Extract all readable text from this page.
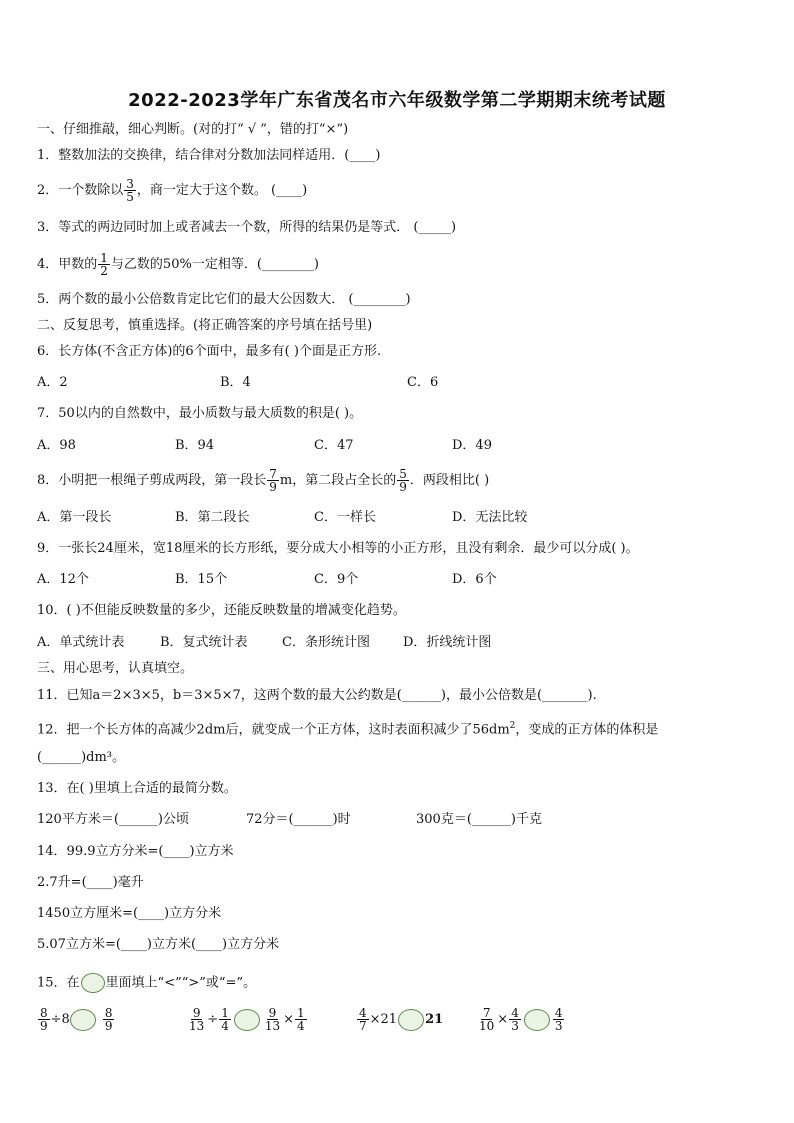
2022-2023学年广东省茂名市六年级数学第二学期期末统考试题
一、仔细推敲，细心判断。(对的打“ √ ”，错的打“×”)
1．整数加法的交换律，结合律对分数加法同样适用．(____)
2．一个数除以 $\frac{3}{5}$ ，商一定大于这个数。 (____)
3．等式的两边同时加上或者减去一个数，所得的结果仍是等式． (_____)
4．甲数的 $\frac{1}{2}$ 与乙数的50%一定相等．(________)
5．两个数的最小公倍数肯定比它们的最大公因数大． (________)
二、反复思考，慎重选择。(将正确答案的序号填在括号里)
6．长方体(不含正方体)的6个面中，最多有( )个面是正方形.
A．2	B．4	C．6
7．50以内的自然数中，最小质数与最大质数的积是( )。
A．98	B．94	C．47	D．49
8．小明把一根绳子剪成两段，第一段长 $\frac{7}{9}$ m，第二段占全长的 $\frac{5}{9}$ ．两段相比( )
A．第一段长	B．第二段长	C．一样长	D．无法比较
9．一张长24厘米，宽18厘米的长方形纸，要分成大小相等的小正方形，且没有剩余．最少可以分成( )。
A．12个	B．15个	C．9个	D．6个
10．( )不但能反映数量的多少，还能反映数量的增减变化趋势。
A．单式统计表	B．复式统计表	C．条形统计图	D．折线统计图
三、用心思考，认真填空。
11．已知a＝2×3×5，b＝3×5×7，这两个数的最大公约数是(______)，最小公倍数是(_______).
12．把一个长方体的高减少2dm后，就变成一个正方体，这时表面积减少了$56dm^2$，变成的正方体的体积是
(______)dm³。
13．在( )里填上合适的最简分数。
120平方米＝(______)公顷	72分＝(______)时	300克＝(______)千克
14．99.9立方分米=(____)立方米
2.7升=(____)毫升
1450立方厘米=(____)立方分米
5.07立方米=(____)立方米(____)立方分米
15．在 里面填上“<”“>”或“=”。
$\frac{8}{9} \div 8$	$\frac{8}{9}$	$\frac{9}{13} \div \frac{1}{4}$	$\frac{9}{13} \times \frac{1}{4}$	$\frac{4}{7} \times 21$ 21	$\frac{7}{10} \times \frac{4}{3}$	$\frac{4}{3}$
